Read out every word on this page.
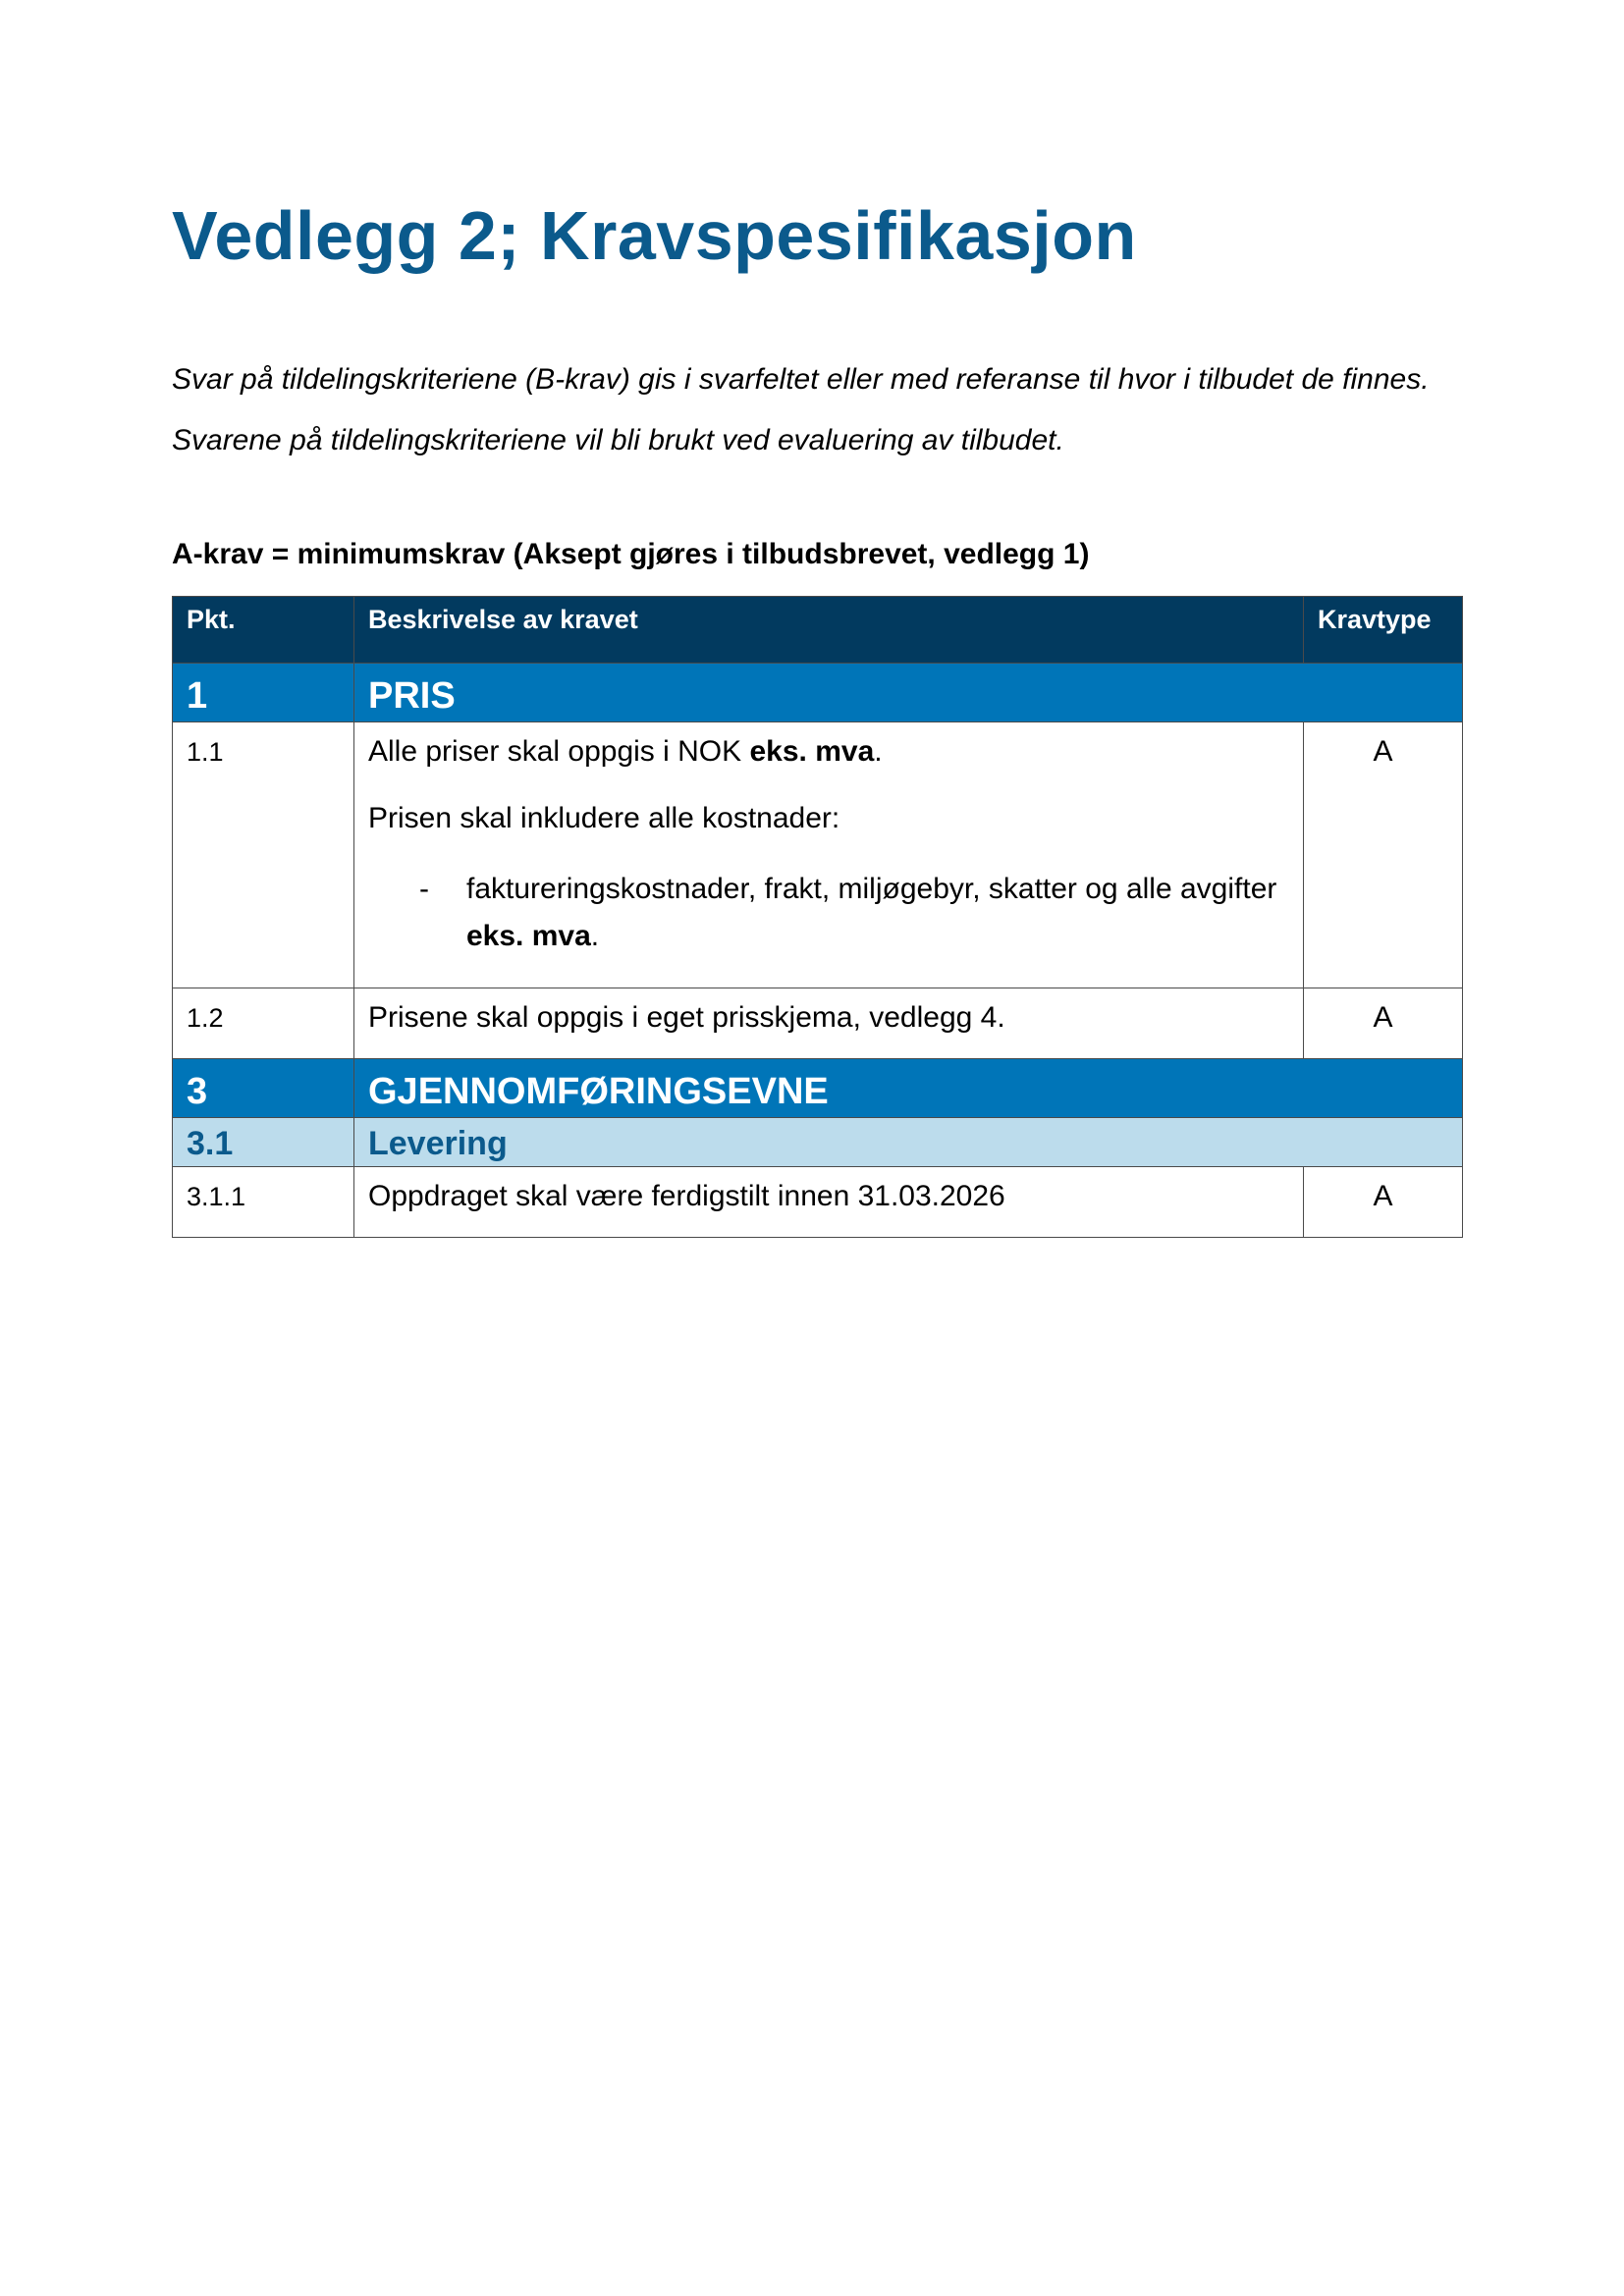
Vedlegg 2; Kravspesifikasjon

Svar på tildelingskriteriene (B-krav) gis i svarfeltet eller med referanse til hvor i tilbudet de finnes. Svarene på tildelingskriteriene vil bli brukt ved evaluering av tilbudet.

A-krav = minimumskrav (Aksept gjøres i tilbudsbrevet, vedlegg 1)

Pkt.	Beskrivelse av kravet	Kravtype
1	PRIS	
1.1	Alle priser skal oppgis i NOK eks. mva.

Prisen skal inkludere alle kostnader:

- faktureringskostnader, frakt, miljøgebyr, skatter og alle avgifter eks. mva.	A
1.2	Prisene skal oppgis i eget prisskjema, vedlegg 4.	A
3	GJENNOMFØRINGSEVNE	
3.1	Levering	
3.1.1	Oppdraget skal være ferdigstilt innen 31.03.2026	A
